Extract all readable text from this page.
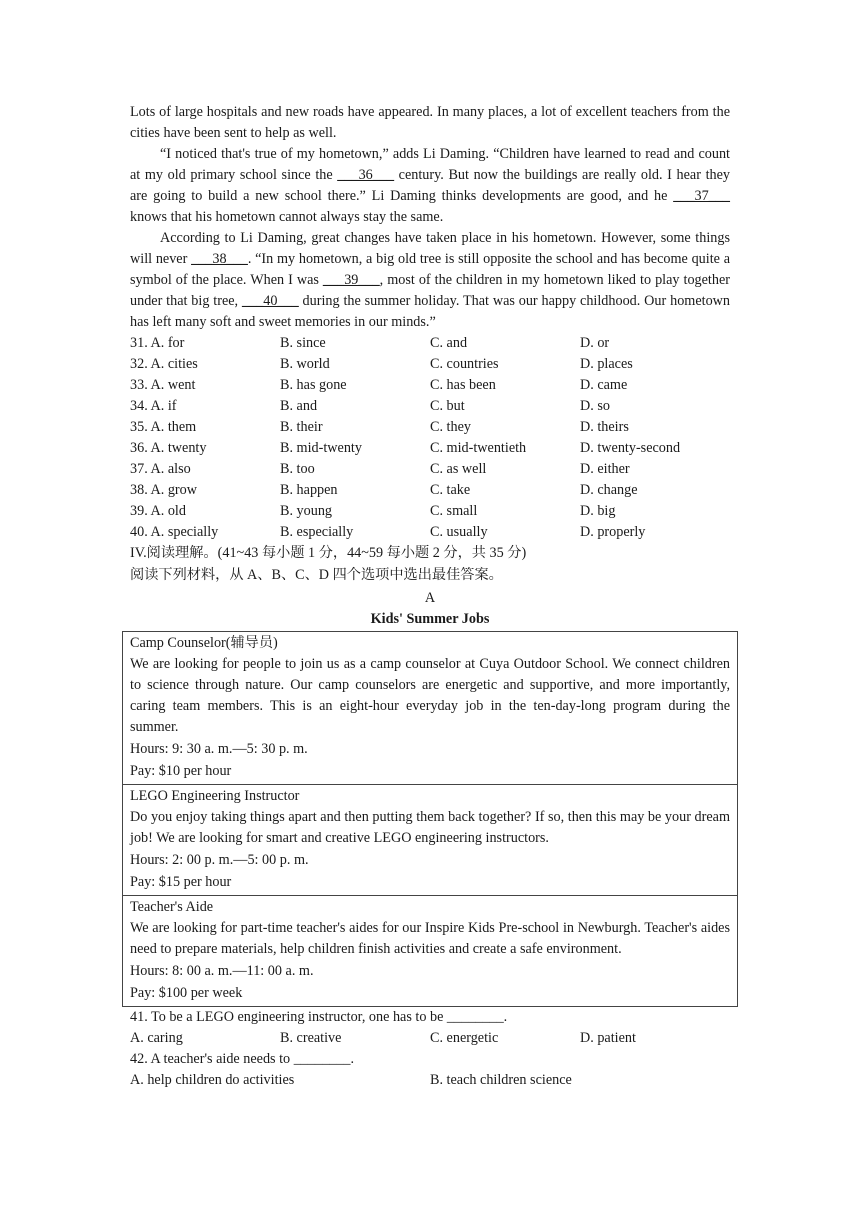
Lots of large hospitals and new roads have appeared. In many places, a lot of excellent teachers from the cities have been sent to help as well.

“I noticed that's true of my hometown,” adds Li Daming. “Children have learned to read and count at my old primary school since the ___36___ century. But now the buildings are really old. I hear they are going to build a new school there.” Li Daming thinks developments are good, and he ___37___ knows that his hometown cannot always stay the same.

According to Li Daming, great changes have taken place in his hometown. However, some things will never ___38___. “In my hometown, a big old tree is still opposite the school and has become quite a symbol of the place. When I was ___39___, most of the children in my hometown liked to play together under that big tree, ___40___ during the summer holiday. That was our happy childhood. Our hometown has left many soft and sweet memories in our minds.”

31. A. for	B. since	C. and	D. or
32. A. cities	B. world	C. countries	D. places
33. A. went	B. has gone	C. has been	D. came
34. A. if	B. and	C. but	D. so
35. A. them	B. their	C. they	D. theirs
36. A. twenty	B. mid-twenty	C. mid-twentieth	D. twenty-second
37. A. also	B. too	C. as well	D. either
38. A. grow	B. happen	C. take	D. change
39. A. old	B. young	C. small	D. big
40. A. specially	B. especially	C. usually	D. properly

IV.阅读理解。(41~43 每小题 1 分，44~59 每小题 2 分，共 35 分)

阅读下列材料，从 A、B、C、D 四个选项中选出最佳答案。

A

Kids' Summer Jobs

Camp Counselor(辅导员)

We are looking for people to join us as a camp counselor at Cuya Outdoor School. We connect children to science through nature. Our camp counselors are energetic and supportive, and more importantly, caring team members. This is an eight-hour everyday job in the ten-day-long program during the summer.

Hours: 9: 30 a. m.—5: 30 p. m.

Pay: $10 per hour

LEGO Engineering Instructor

Do you enjoy taking things apart and then putting them back together? If so, then this may be your dream job! We are looking for smart and creative LEGO engineering instructors.

Hours: 2: 00 p. m.—5: 00 p. m.

Pay: $15 per hour

Teacher's Aide

We are looking for part-time teacher's aides for our Inspire Kids Pre-school in Newburgh. Teacher's aides need to prepare materials, help children finish activities and create a safe environment.

Hours: 8: 00 a. m.—11: 00 a. m.

Pay: $100 per week

41. To be a LEGO engineering instructor, one has to be ________.

A. caring	B. creative	C. energetic	D. patient

42. A teacher's aide needs to ________.

A. help children do activities	B. teach children science
